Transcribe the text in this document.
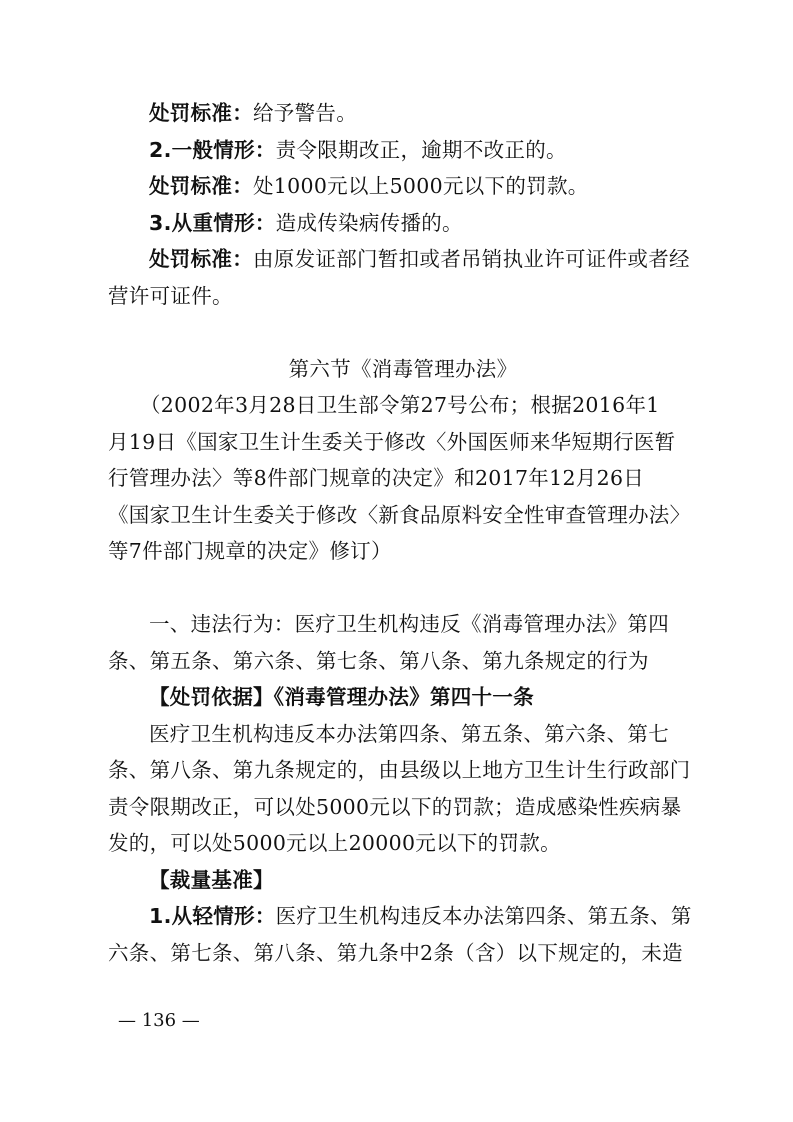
处罚标准：给予警告。
2.一般情形：责令限期改正，逾期不改正的。
处罚标准：处1000元以上5000元以下的罚款。
3.从重情形：造成传染病传播的。
处罚标准：由原发证部门暂扣或者吊销执业许可证件或者经
营许可证件。
第六节《消毒管理办法》
（2002年3月28日卫生部令第27号公布；根据2016年1
月19日《国家卫生计生委关于修改〈外国医师来华短期行医暂
行管理办法〉等8件部门规章的决定》和2017年12月26日
《国家卫生计生委关于修改〈新食品原料安全性审查管理办法〉
等7件部门规章的决定》修订）
一、违法行为：医疗卫生机构违反《消毒管理办法》第四
条、第五条、第六条、第七条、第八条、第九条规定的行为
【处罚依据】《消毒管理办法》第四十一条
医疗卫生机构违反本办法第四条、第五条、第六条、第七
条、第八条、第九条规定的，由县级以上地方卫生计生行政部门
责令限期改正，可以处5000元以下的罚款；造成感染性疾病暴
发的，可以处5000元以上20000元以下的罚款。
【裁量基准】
1.从轻情形：医疗卫生机构违反本办法第四条、第五条、第
六条、第七条、第八条、第九条中2条（含）以下规定的，未造
— 136 —
